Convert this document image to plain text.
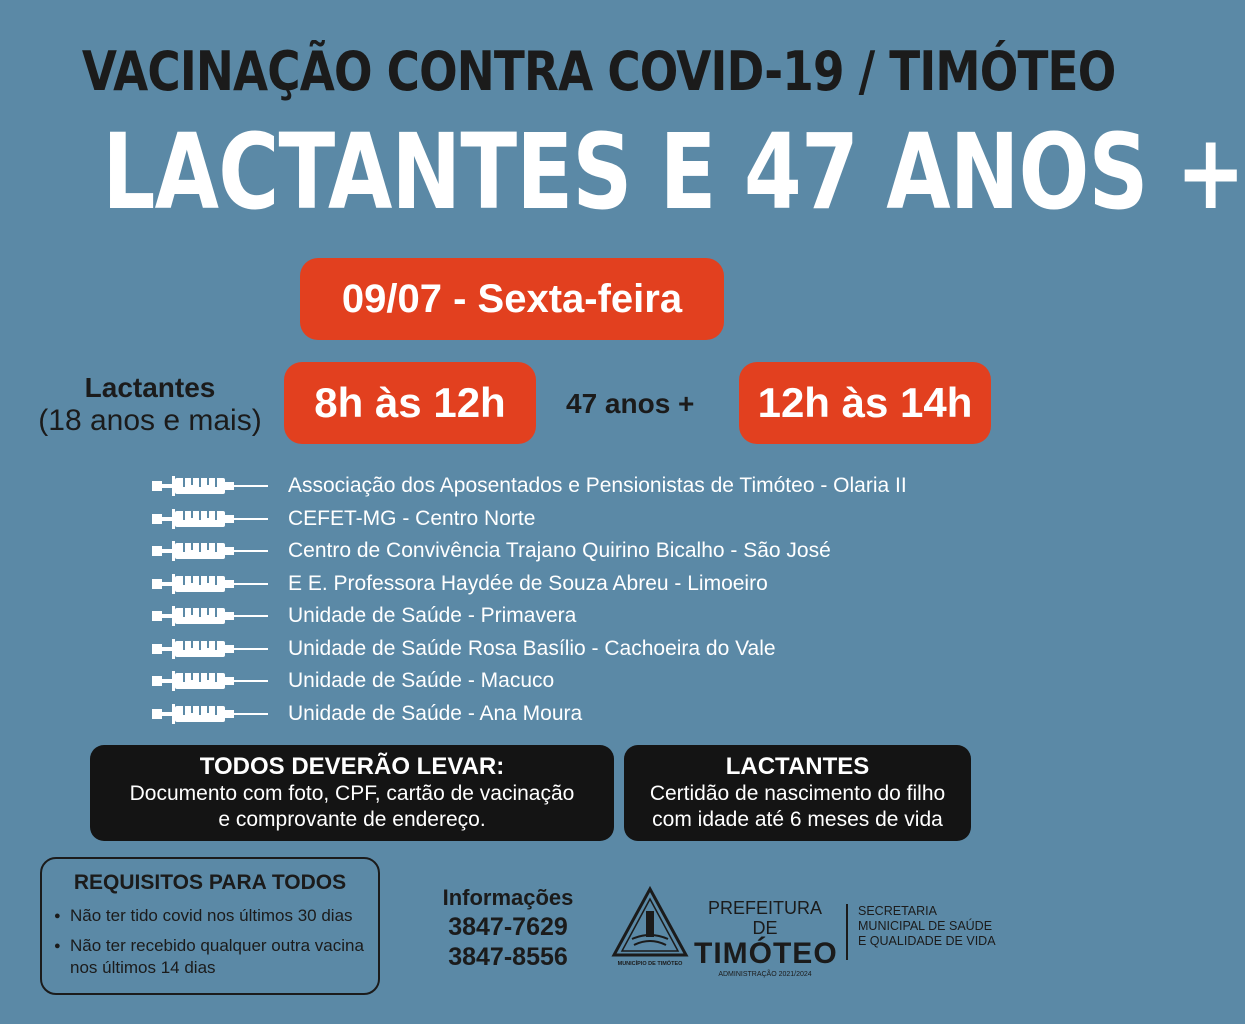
VACINAÇÃO CONTRA COVID-19 / TIMÓTEO
LACTANTES E 47 ANOS +
09/07 - Sexta-feira
Lactantes
(18 anos e mais)	8h às 12h	47 anos +	12h às 14h
Associação dos Aposentados e Pensionistas de Timóteo - Olaria II
CEFET-MG - Centro Norte
Centro de Convivência Trajano Quirino Bicalho - São José
E E. Professora Haydée de Souza Abreu - Limoeiro
Unidade de Saúde - Primavera
Unidade de Saúde Rosa Basílio - Cachoeira do Vale
Unidade de Saúde - Macuco
Unidade de Saúde - Ana Moura
TODOS DEVERÃO LEVAR:
Documento com foto, CPF, cartão de vacinação
e comprovante de endereço.
LACTANTES
Certidão de nascimento do filho
com idade até 6 meses de vida
REQUISITOS PARA TODOS
● Não ter tido covid nos últimos 30 dias
● Não ter recebido qualquer outra vacina nos últimos 14 dias
Informações
3847-7629
3847-8556	MUNICÍPIO DE TIMÓTEO
PREFEITURA DE
TIMÓTEO
ADMINISTRAÇÃO 2021/2024
SECRETARIA
MUNICIPAL DE SAÚDE
E QUALIDADE DE VIDA
